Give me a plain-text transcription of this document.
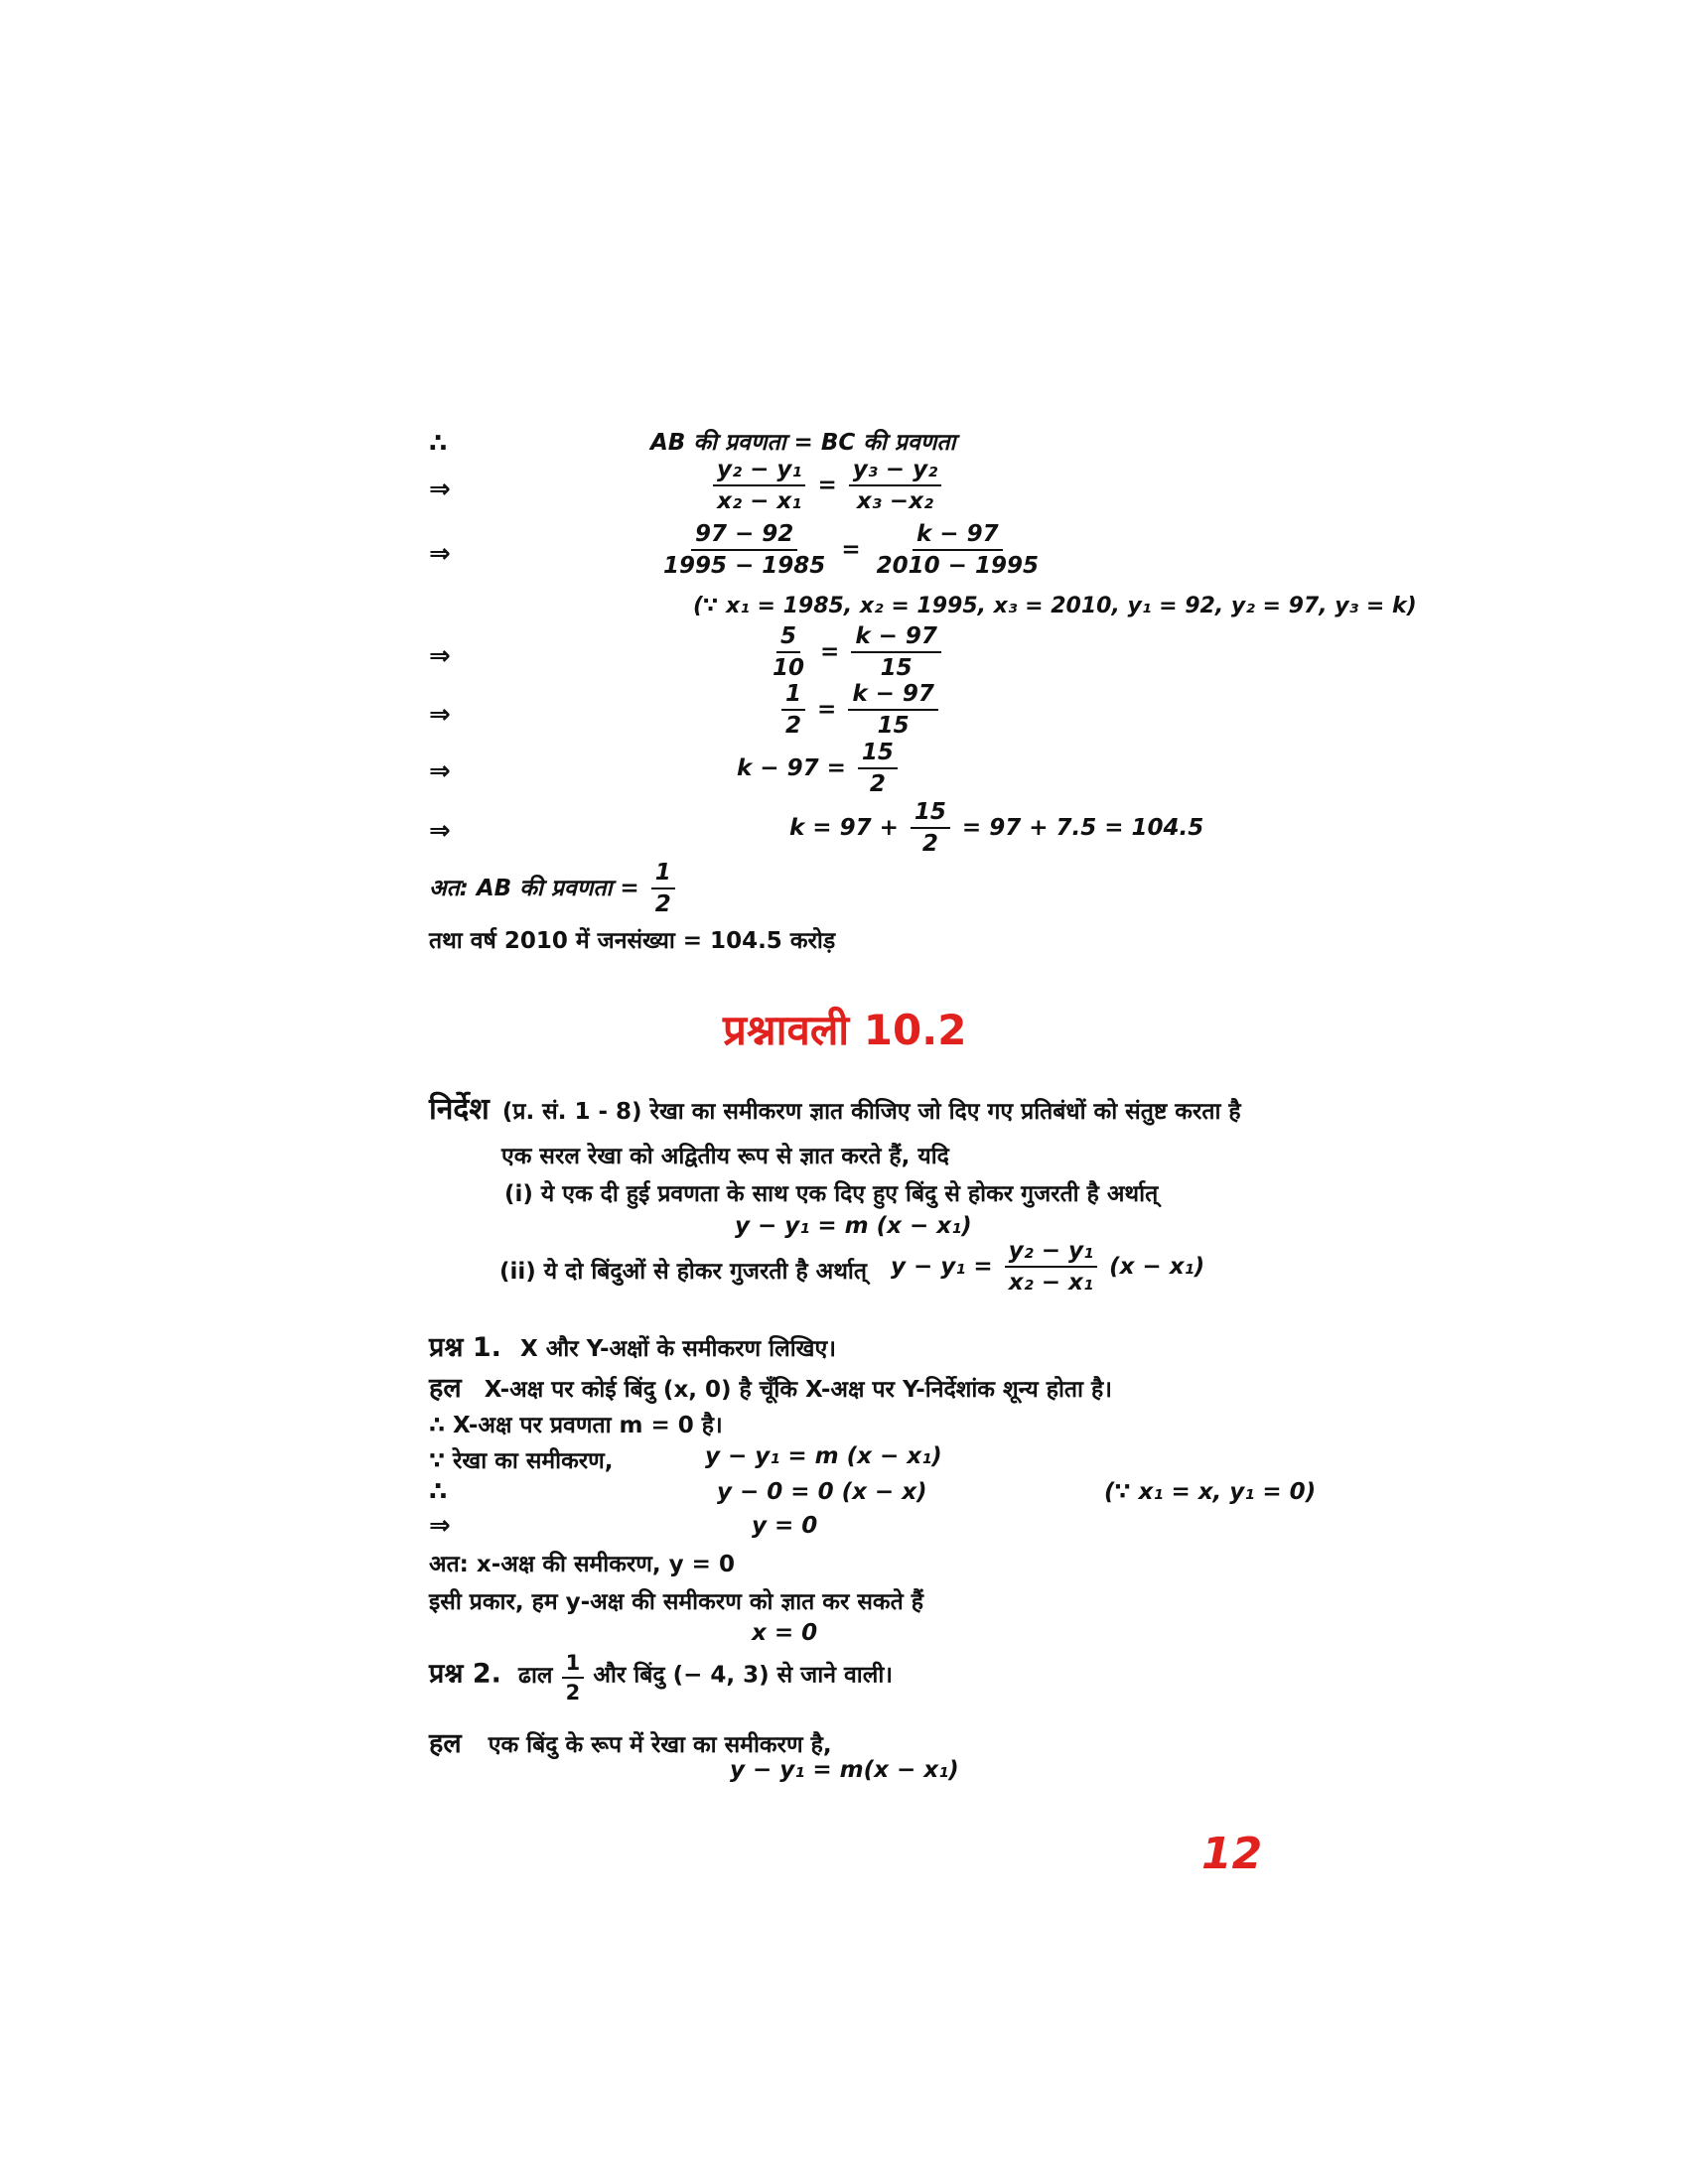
∴	AB की प्रवणता = BC की प्रवणता
⇒	$\frac{\text{y₂ − y₁}}{\text{x₂ − x₁}} = \frac{\text{y₃ − y₂}}{\text{x₃ −x₂}}$
⇒	$\frac{97 - 92}{1995 - 1985} = \frac{k - 97}{2010 - 1995}$
(∵ x₁ = 1985, x₂ = 1995, x₃ = 2010, y₁ = 92, y₂ = 97, y₃ = k)
⇒	$\frac{5}{10} = \frac{k - 97}{15}$
⇒	$\frac{1}{2} = \frac{k - 97}{15}$
⇒	$k - 97 = \frac{15}{2}$
⇒	$k = 97 + \frac{15}{2} = 97 + 7.5 = 104.5$
अत: AB की प्रवणता = $\frac{1}{2}$
तथा वर्ष 2010 में जनसंख्या = 104.5 करोड़
प्रश्नावली 10.2
निर्देश (प्र. सं. 1 - 8) रेखा का समीकरण ज्ञात कीजिए जो दिए गए प्रतिबंधों को संतुष्ट करता है
एक सरल रेखा को अद्वितीय रूप से ज्ञात करते हैं, यदि
(i) ये एक दी हुई प्रवणता के साथ एक दिए हुए बिंदु से होकर गुजरती है अर्थात्
y − y₁ = m (x − x₁)
(ii) ये दो बिंदुओं से होकर गुजरती है अर्थात् $y - y_1 = \frac{\text{y₂ − y₁}}{\text{x₂ − x₁}} (x - x_1)$
प्रश्न 1. X और Y-अक्षों के समीकरण लिखिए।
हल X-अक्ष पर कोई बिंदु (x, 0) है चूँकि X-अक्ष पर Y-निर्देशांक शून्य होता है।
∴ X-अक्ष पर प्रवणता m = 0 है।
∵ रेखा का समीकरण,	y − y₁ = m (x − x₁)
∴	y − 0 = 0 (x − x)	(∵ x₁ = x, y₁ = 0)
⇒	y = 0
अत: x-अक्ष की समीकरण, y = 0
इसी प्रकार, हम y-अक्ष की समीकरण को ज्ञात कर सकते हैं
x = 0
प्रश्न 2. ढाल $\frac{1}{2}$ और बिंदु (− 4, 3) से जाने वाली।
हल एक बिंदु के रूप में रेखा का समीकरण है,
y − y₁ = m(x − x₁)
12
